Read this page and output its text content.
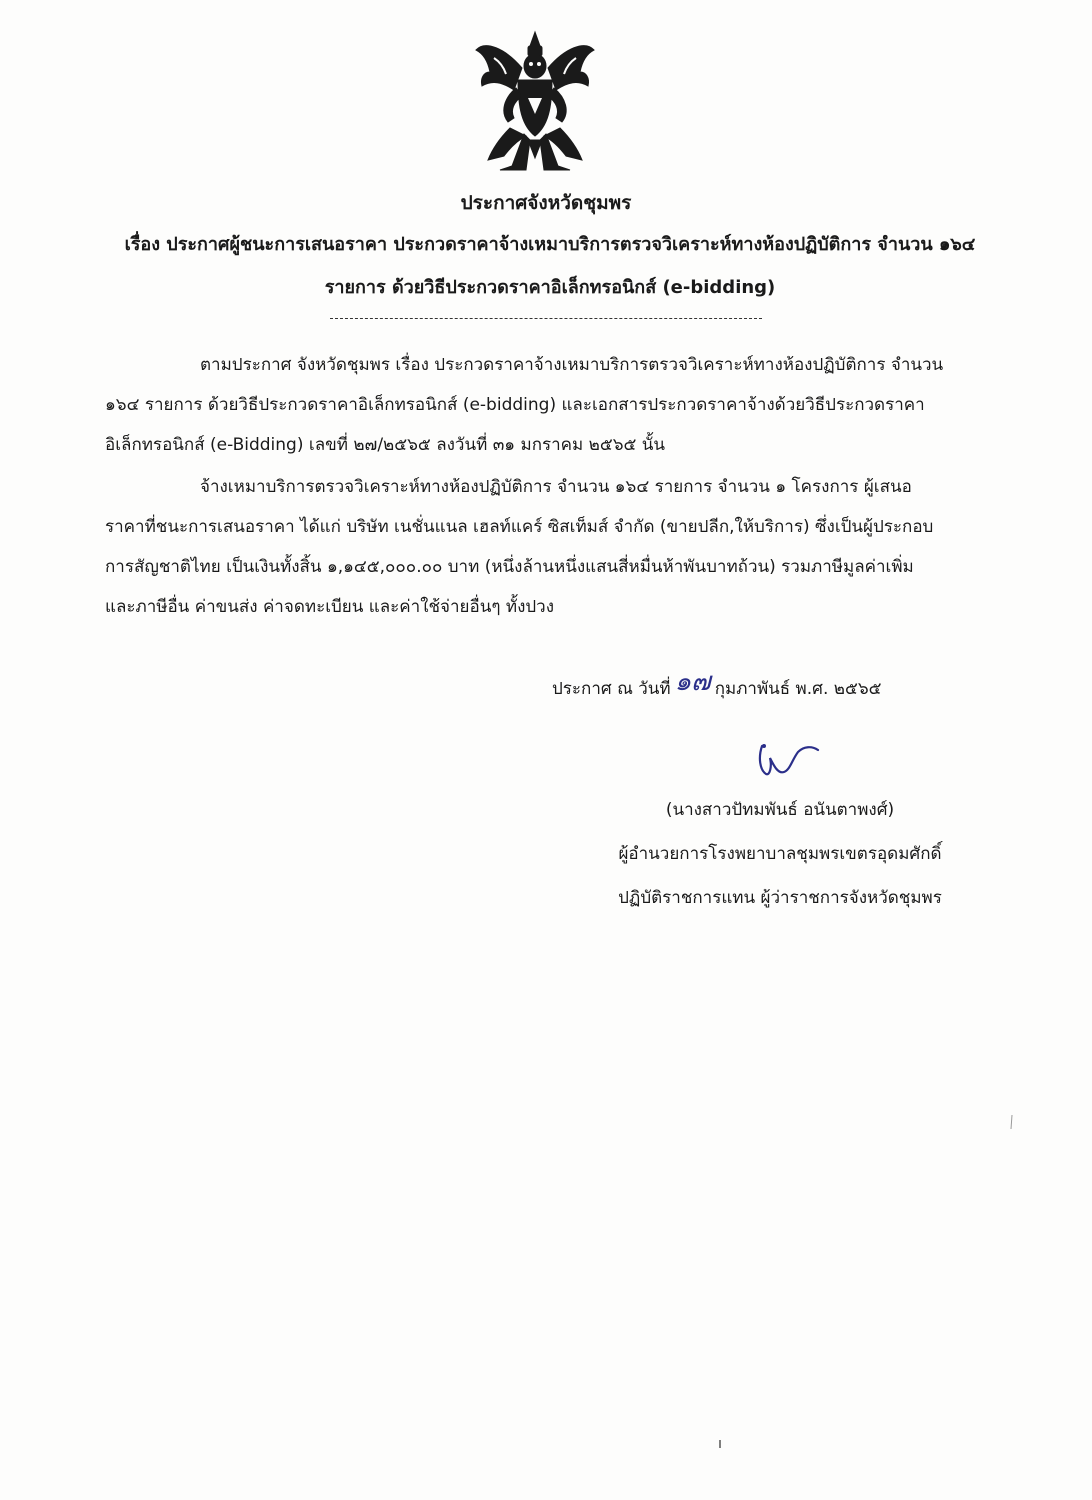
ประกาศจังหวัดชุมพร
เรื่อง ประกาศผู้ชนะการเสนอราคา ประกวดราคาจ้างเหมาบริการตรวจวิเคราะห์ทางห้องปฏิบัติการ จำนวน ๑๖๔
รายการ ด้วยวิธีประกวดราคาอิเล็กทรอนิกส์ (e-bidding)
ตามประกาศ จังหวัดชุมพร เรื่อง ประกวดราคาจ้างเหมาบริการตรวจวิเคราะห์ทางห้องปฏิบัติการ จำนวน
๑๖๔ รายการ ด้วยวิธีประกวดราคาอิเล็กทรอนิกส์ (e-bidding) และเอกสารประกวดราคาจ้างด้วยวิธีประกวดราคา
อิเล็กทรอนิกส์ (e-Bidding) เลขที่ ๒๗/๒๕๖๕ ลงวันที่ ๓๑ มกราคม ๒๕๖๕ นั้น
จ้างเหมาบริการตรวจวิเคราะห์ทางห้องปฏิบัติการ จำนวน ๑๖๔ รายการ จำนวน ๑ โครงการ ผู้เสนอ
ราคาที่ชนะการเสนอราคา ได้แก่ บริษัท เนชั่นแนล เฮลท์แคร์ ซิสเท็มส์ จำกัด (ขายปลีก,ให้บริการ) ซึ่งเป็นผู้ประกอบ
การสัญชาติไทย เป็นเงินทั้งสิ้น ๑,๑๔๕,๐๐๐.๐๐ บาท (หนึ่งล้านหนึ่งแสนสี่หมื่นห้าพันบาทถ้วน) รวมภาษีมูลค่าเพิ่ม
และภาษีอื่น ค่าขนส่ง ค่าจดทะเบียน และค่าใช้จ่ายอื่นๆ ทั้งปวง
ประกาศ ณ วันที่ ๑๗ กุมภาพันธ์ พ.ศ. ๒๕๖๕
(นางสาวปัทมพันธ์ อนันตาพงศ์)
ผู้อำนวยการโรงพยาบาลชุมพรเขตรอุดมศักดิ์
ปฏิบัติราชการแทน ผู้ว่าราชการจังหวัดชุมพร
